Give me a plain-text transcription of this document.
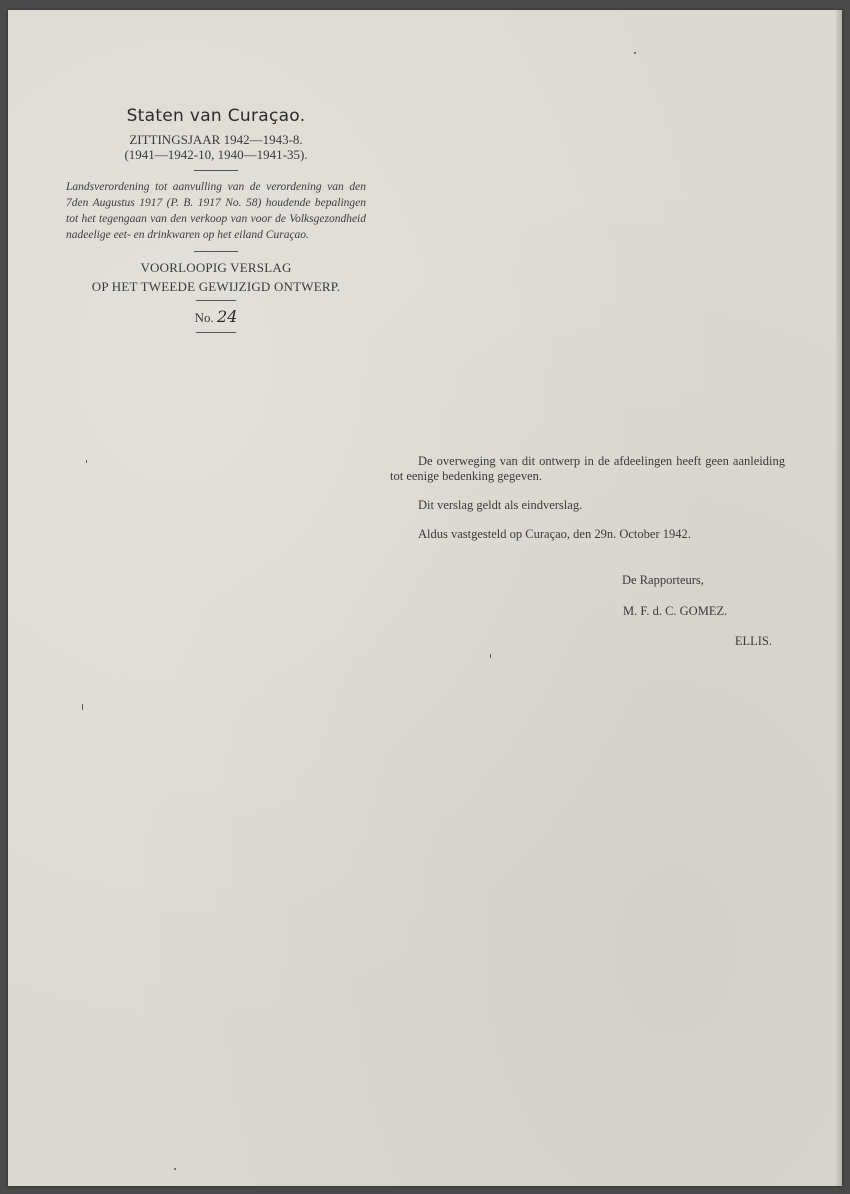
Staten van Curaçao.

ZITTINGSJAAR 1942—1943-8.

(1941—1942-10, 1940—1941-35).

Landsverordening tot aanvulling van de verordening van den 7den Augustus 1917 (P. B. 1917 No. 58) houdende bepalingen tot het tegengaan van den verkoop van voor de Volksgezondheid nadeelige eet- en drinkwaren op het eiland Curaçao.

VOORLOOPIG VERSLAG

OP HET TWEEDE GEWIJZIGD ONTWERP.

No. 24

De overweging van dit ontwerp in de afdeelingen heeft geen aanleiding tot eenige bedenking gegeven.

Dit verslag geldt als eindverslag.

Aldus vastgesteld op Curaçao, den 29n. October 1942.

De Rapporteurs,

M. F. d. C. GOMEZ.

ELLIS.
